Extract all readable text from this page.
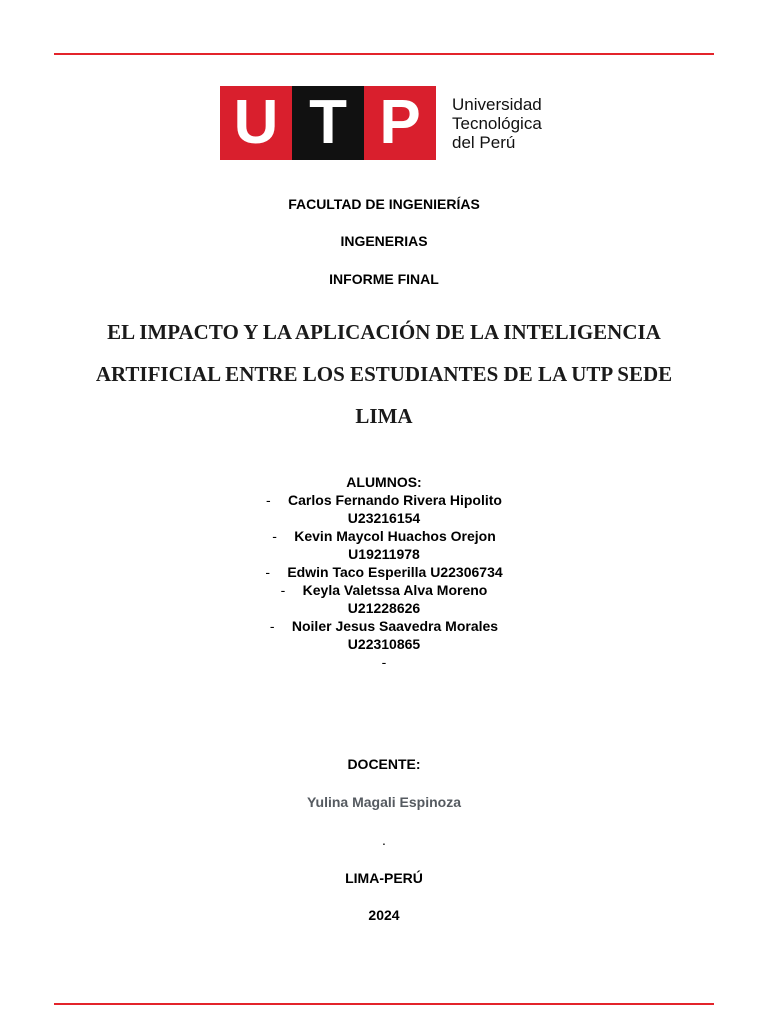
U T P	Universidad
Tecnológica
del Perú
FACULTAD DE INGENIERÍAS
INGENERIAS
INFORME FINAL
EL IMPACTO Y LA APLICACIÓN DE LA INTELIGENCIA
ARTIFICIAL ENTRE LOS ESTUDIANTES DE LA UTP SEDE
LIMA
ALUMNOS:
- Carlos Fernando Rivera Hipolito
U23216154
- Kevin Maycol Huachos Orejon
U19211978
- Edwin Taco Esperilla U22306734
- Keyla Valetssa Alva Moreno
U21228626
- Noiler Jesus Saavedra Morales
U22310865
-
DOCENTE:
Yulina Magali Espinoza
.
LIMA-PERÚ
2024
